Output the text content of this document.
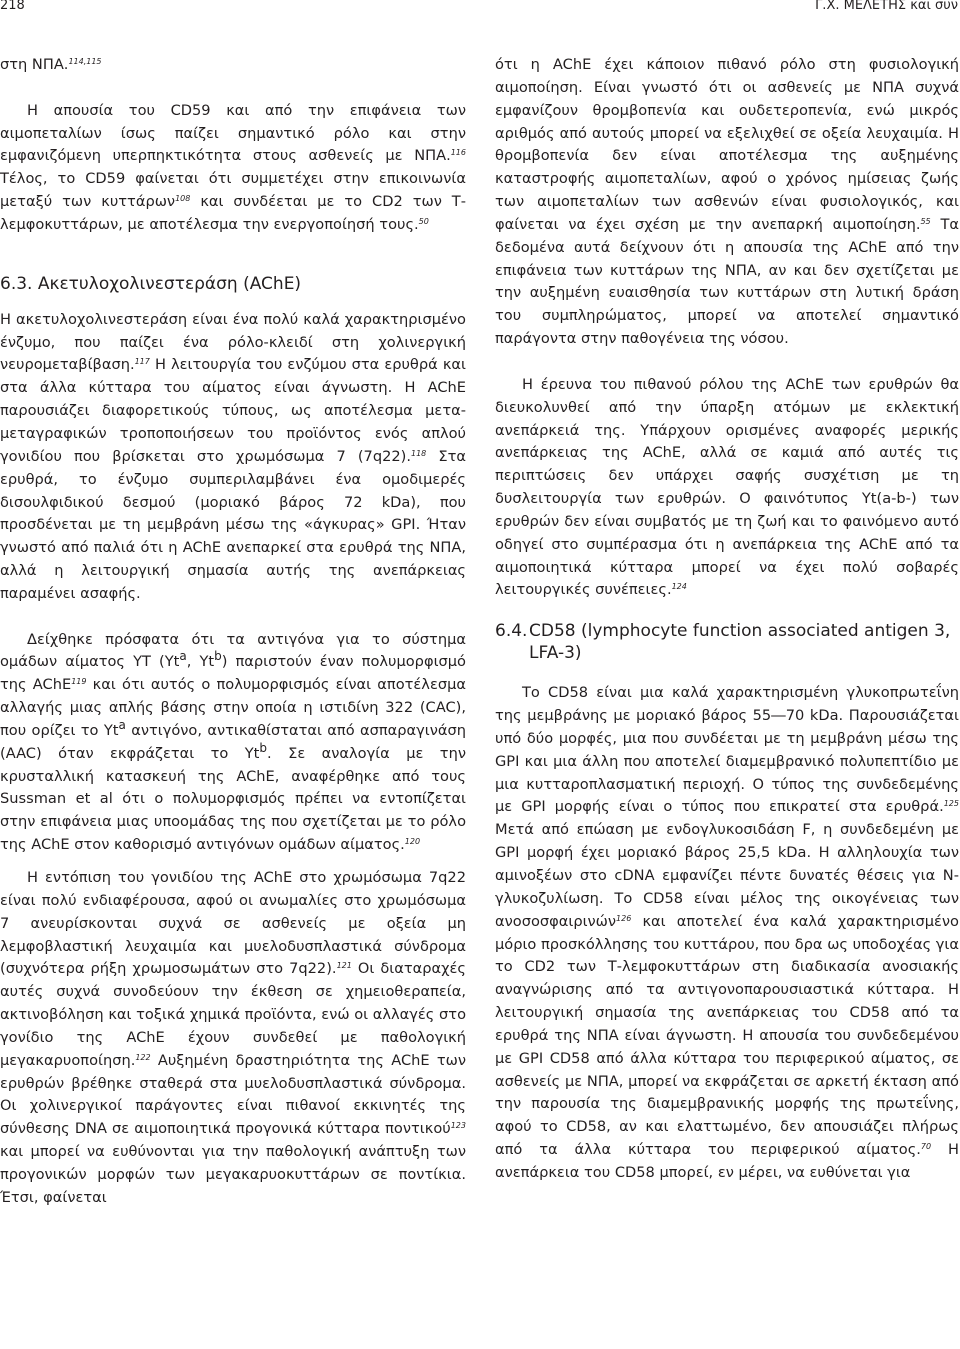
218	Γ.Χ. ΜΕΛΕΤΗΣ και συν

στη ΝΠΑ.$^{114,115}$

Η απουσία του CD59 και από την επιφάνεια των αιμοπεταλίων ίσως παίζει σημαντικό ρόλο και στην εμφανιζόμενη υπερπηκτικότητα στους ασθενείς με ΝΠΑ.$^{116}$ Τέλος, το CD59 φαίνεται ότι συμμετέχει στην επικοινωνία μεταξύ των κυττάρων$^{108}$ και συνδέεται με το CD2 των Τ-λεμφοκυττάρων, με αποτέλεσμα την ενεργοποίησή τους.$^{50}$

6.3. Ακετυλοχολινεστεράση (AChE)

Η ακετυλοχολινεστεράση είναι ένα πολύ καλά χαρακτηρισμένο ένζυμο, που παίζει ένα ρόλο-κλειδί στη χολινεργική νευρομεταβίβαση.$^{117}$ Η λειτουργία του ενζύμου στα ερυθρά και στα άλλα κύτταρα του αίματος είναι άγνωστη. Η AChE παρουσιάζει διαφορετικούς τύπους, ως αποτέλεσμα μετα-μεταγραφικών τροποποιήσεων του προϊόντος ενός απλού γονιδίου που βρίσκεται στο χρωμόσωμα 7 (7q22).$^{118}$ Στα ερυθρά, το ένζυμο συμπεριλαμβάνει ένα ομοδιμερές δισουλφιδικού δεσμού (μοριακό βάρος 72 kDa), που προσδένεται με τη μεμβράνη μέσω της «άγκυρας» GPI. Ήταν γνωστό από παλιά ότι η AChE ανεπαρκεί στα ερυθρά της ΝΠΑ, αλλά η λειτουργική σημασία αυτής της ανεπάρκειας παραμένει ασαφής.

Δείχθηκε πρόσφατα ότι τα αντιγόνα για το σύστημα ομάδων αίματος ΥΤ (Yt$^a$, Yt$^b$) παριστούν έναν πολυμορφισμό της AChE$^{119}$ και ότι αυτός ο πολυμορφισμός είναι αποτέλεσμα αλλαγής μιας απλής βάσης στην οποία η ιστιδίνη 322 (CAC), που ορίζει το Yt$^a$ αντιγόνο, αντικαθίσταται από ασπαραγινάση (AAC) όταν εκφράζεται το Yt$^b$. Σε αναλογία με την κρυσταλλική κατασκευή της AChE, αναφέρθηκε από τους Sussman et al ότι ο πολυμορφισμός πρέπει να εντοπίζεται στην επιφάνεια μιας υποομάδας της που σχετίζεται με το ρόλο της AChE στον καθορισμό αντιγόνων ομάδων αίματος.$^{120}$

Η εντόπιση του γονιδίου της AChE στο χρωμόσωμα 7q22 είναι πολύ ενδιαφέρουσα, αφού οι ανωμαλίες στο χρωμόσωμα 7 ανευρίσκονται συχνά σε ασθενείς με οξεία μη λεμφοβλαστική λευχαιμία και μυελοδυσπλαστικά σύνδρομα (συχνότερα ρήξη χρωμοσωμάτων στο 7q22).$^{121}$ Οι διαταραχές αυτές συχνά συνοδεύουν την έκθεση σε χημειοθεραπεία, ακτινοβόληση και τοξικά χημικά προϊόντα, ενώ οι αλλαγές στο γονίδιο της AChE έχουν συνδεθεί με παθολογική μεγακαρυοποίηση.$^{122}$ Αυξημένη δραστηριότητα της AChE των ερυθρών βρέθηκε σταθερά στα μυελοδυσπλαστικά σύνδρομα. Οι χολινεργικοί παράγοντες είναι πιθανοί εκκινητές της σύνθεσης DNA σε αιμοποιητικά προγονικά κύτταρα ποντικού$^{123}$ και μπορεί να ευθύνονται για την παθολογική ανάπτυξη των προγονικών μορφών των μεγακαρυοκυττάρων σε ποντίκια. Έτσι, φαίνεται

ότι η AChE έχει κάποιον πιθανό ρόλο στη φυσιολογική αιμοποίηση. Είναι γνωστό ότι οι ασθενείς με ΝΠΑ συχνά εμφανίζουν θρομβοπενία και ουδετεροπενία, ενώ μικρός αριθμός από αυτούς μπορεί να εξελιχθεί σε οξεία λευχαιμία. Η θρομβοπενία δεν είναι αποτέλεσμα της αυξημένης καταστροφής αιμοπεταλίων, αφού ο χρόνος ημίσειας ζωής των αιμοπεταλίων των ασθενών είναι φυσιολογικός, και φαίνεται να έχει σχέση με την ανεπαρκή αιμοποίηση.$^{55}$ Τα δεδομένα αυτά δείχνουν ότι η απουσία της AChE από την επιφάνεια των κυττάρων της ΝΠΑ, αν και δεν σχετίζεται με την αυξημένη ευαισθησία των κυττάρων στη λυτική δράση του συμπληρώματος, μπορεί να αποτελεί σημαντικό παράγοντα στην παθογένεια της νόσου.

Η έρευνα του πιθανού ρόλου της AChE των ερυθρών θα διευκολυνθεί από την ύπαρξη ατόμων με εκλεκτική ανεπάρκειά της. Υπάρχουν ορισμένες αναφορές μερικής ανεπάρκειας της AChE, αλλά σε καμιά από αυτές τις περιπτώσεις δεν υπάρχει σαφής συσχέτιση με τη δυσλειτουργία των ερυθρών. Ο φαινότυπος Yt(a-b-) των ερυθρών δεν είναι συμβατός με τη ζωή και το φαινόμενο αυτό οδηγεί στο συμπέρασμα ότι η ανεπάρκεια της AChE από τα αιμοποιητικά κύτταρα μπορεί να έχει πολύ σοβαρές λειτουργικές συνέπειες.$^{124}$

6.4.CD58 (lymphocyte function associated antigen 3,
LFA-3)

Το CD58 είναι μια καλά χαρακτηρισμένη γλυκοπρωτεΐνη της μεμβράνης με μοριακό βάρος 55―70 kDa. Παρουσιάζεται υπό δύο μορφές, μια που συνδέεται με τη μεμβράνη μέσω της GPI και μια άλλη που αποτελεί διαμεμβρανικό πολυπεπτίδιο με μια κυτταροπλασματική περιοχή. Ο τύπος της συνδεδεμένης με GPI μορφής είναι ο τύπος που επικρατεί στα ερυθρά.$^{125}$ Μετά από επώαση με ενδογλυκοσιδάση F, η συνδεδεμένη με GPI μορφή έχει μοριακό βάρος 25,5 kDa. Η αλληλουχία των αμινοξέων στο cDNA εμφανίζει πέντε δυνατές θέσεις για Ν-γλυκοζυλίωση. Το CD58 είναι μέλος της οικογένειας των ανοσοσφαιρινών$^{126}$ και αποτελεί ένα καλά χαρακτηρισμένο μόριο προσκόλλησης του κυττάρου, που δρα ως υποδοχέας για το CD2 των Τ-λεμφοκυττάρων στη διαδικασία ανοσιακής αναγνώρισης από τα αντιγονοπαρουσιαστικά κύτταρα. Η λειτουργική σημασία της ανεπάρκειας του CD58 από τα ερυθρά της ΝΠΑ είναι άγνωστη. Η απουσία του συνδεδεμένου με GPI CD58 από άλλα κύτταρα του περιφερικού αίματος, σε ασθενείς με ΝΠΑ, μπορεί να εκφράζεται σε αρκετή έκταση από την παρουσία της διαμεμβρανικής μορφής της πρωτεΐνης, αφού το CD58, αν και ελαττωμένο, δεν απουσιάζει πλήρως από τα άλλα κύτταρα του περιφερικού αίματος.$^{70}$ Η ανεπάρκεια του CD58 μπορεί, εν μέρει, να ευθύνεται για
